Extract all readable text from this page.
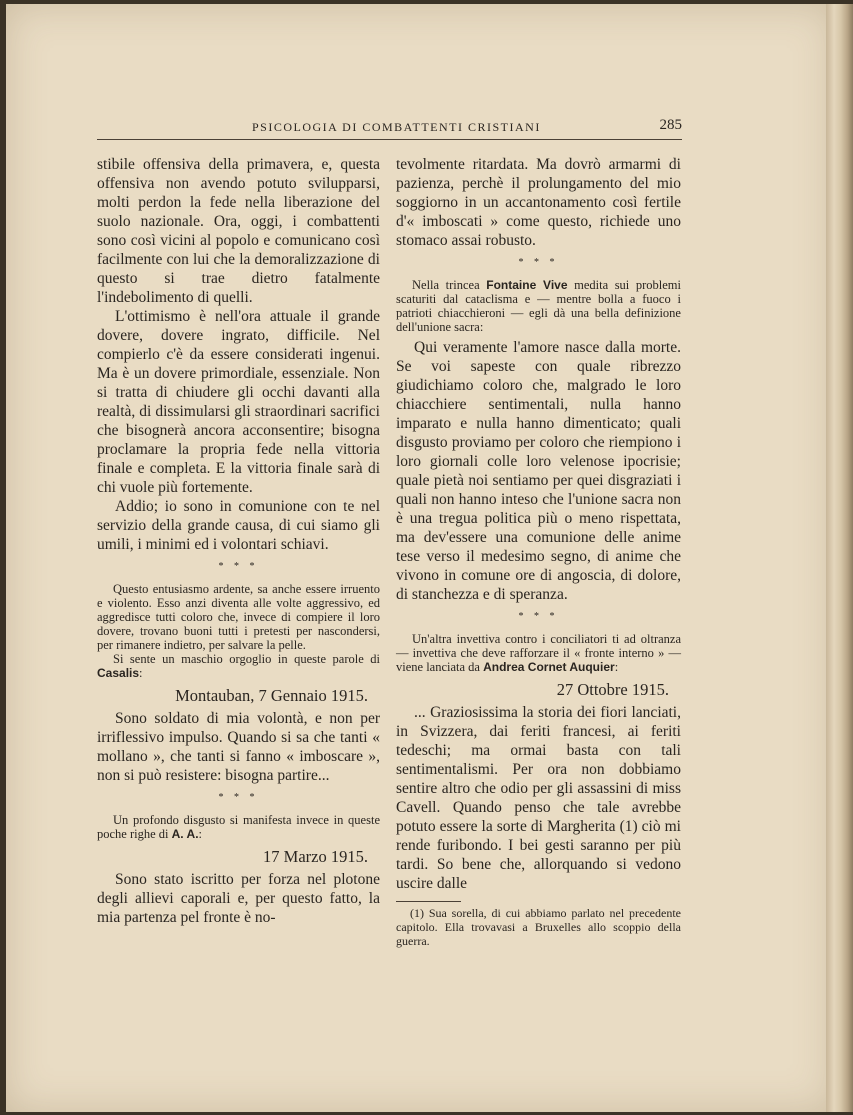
PSICOLOGIA DI COMBATTENTI CRISTIANI	285

stibile offensiva della primavera, e, questa offensiva non avendo potuto svilupparsi, molti perdon la fede nella liberazione del suolo nazionale. Ora, oggi, i combattenti sono così vicini al popolo e comunicano così facilmente con lui che la demoralizzazione di questo si trae dietro fatalmente l'indebolimento di quelli.

L'ottimismo è nell'ora attuale il grande dovere, dovere ingrato, difficile. Nel compierlo c'è da essere considerati ingenui. Ma è un dovere primordiale, essenziale. Non si tratta di chiudere gli occhi davanti alla realtà, di dissimularsi gli straordinari sacrifici che bisognerà ancora acconsentire; bisogna proclamare la propria fede nella vittoria finale e completa. E la vittoria finale sarà di chi vuole più fortemente.

Addio; io sono in comunione con te nel servizio della grande causa, di cui siamo gli umili, i minimi ed i volontari schiavi.

* * *

Questo entusiasmo ardente, sa anche essere irruento e violento. Esso anzi diventa alle volte aggressivo, ed aggredisce tutti coloro che, invece di compiere il loro dovere, trovano buoni tutti i pretesti per nascondersi, per rimanere indietro, per salvare la pelle.

Si sente un maschio orgoglio in queste parole di Casalis:

Montauban, 7 Gennaio 1915.

Sono soldato di mia volontà, e non per irriflessivo impulso. Quando si sa che tanti « mollano », che tanti si fanno « imboscare », non si può resistere: bisogna partire...

* * *

Un profondo disgusto si manifesta invece in queste poche righe di A. A.:

17 Marzo 1915.

Sono stato iscritto per forza nel plotone degli allievi caporali e, per questo fatto, la mia partenza pel fronte è no-

tevolmente ritardata. Ma dovrò armarmi di pazienza, perchè il prolungamento del mio soggiorno in un accantonamento così fertile d'« imboscati » come questo, richiede uno stomaco assai robusto.

* * *

Nella trincea Fontaine Vive medita sui problemi scaturiti dal cataclisma e — mentre bolla a fuoco i patrioti chiacchieroni — egli dà una bella definizione dell'unione sacra:

Qui veramente l'amore nasce dalla morte. Se voi sapeste con quale ribrezzo giudichiamo coloro che, malgrado le loro chiacchiere sentimentali, nulla hanno imparato e nulla hanno dimenticato; quali disgusto proviamo per coloro che riempiono i loro giornali colle loro velenose ipocrisie; quale pietà noi sentiamo per quei disgraziati i quali non hanno inteso che l'unione sacra non è una tregua politica più o meno rispettata, ma dev'essere una comunione delle anime tese verso il medesimo segno, di anime che vivono in comune ore di angoscia, di dolore, di stanchezza e di speranza.

* * *

Un'altra invettiva contro i conciliatori ti ad oltranza — invettiva che deve rafforzare il « fronte interno » — viene lanciata da Andrea Cornet Auquier:

27 Ottobre 1915.

... Graziosissima la storia dei fiori lanciati, in Svizzera, dai feriti francesi, ai feriti tedeschi; ma ormai basta con tali sentimentalismi. Per ora non dobbiamo sentire altro che odio per gli assassini di miss Cavell. Quando penso che tale avrebbe potuto essere la sorte di Margherita (1) ciò mi rende furibondo. I bei gesti saranno per più tardi. So bene che, allorquando si vedono uscire dalle

(1) Sua sorella, di cui abbiamo parlato nel precedente capitolo. Ella trovavasi a Bruxelles allo scoppio della guerra.
